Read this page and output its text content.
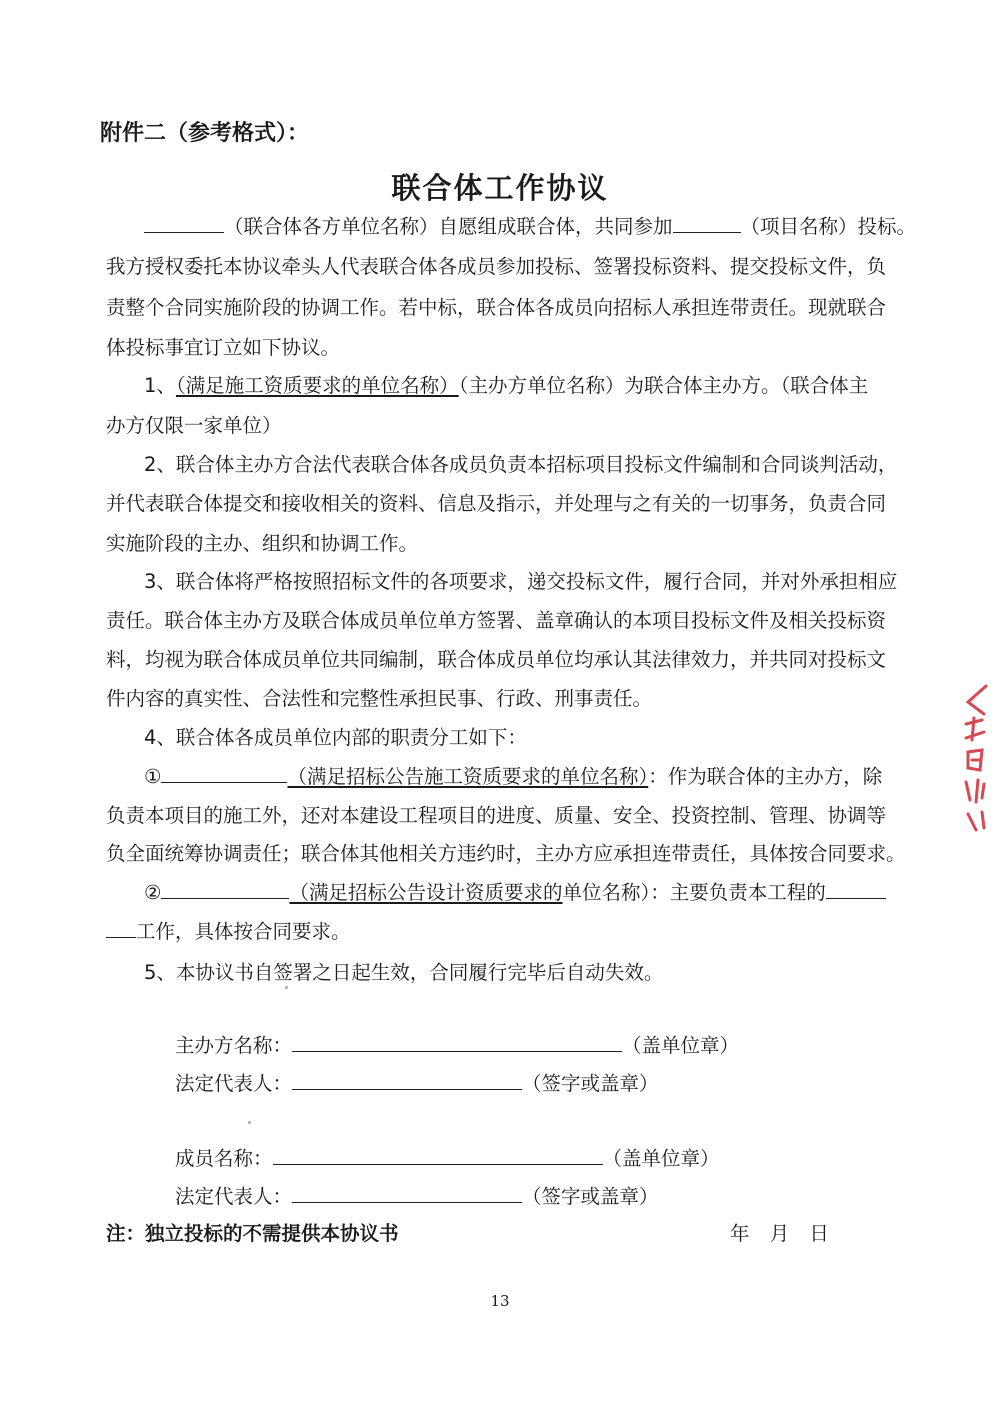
附件二（参考格式）：
联合体工作协议
（联合体各方单位名称）自愿组成联合体，共同参加	（项目名称）投标。
我方授权委托本协议牵头人代表联合体各成员参加投标、签署投标资料、提交投标文件，负
责整个合同实施阶段的协调工作。若中标，联合体各成员向招标人承担连带责任。现就联合
体投标事宜订立如下协议。
1、（满足施工资质要求的单位名称）（主办方单位名称）为联合体主办方。（联合体主
办方仅限一家单位）
2、联合体主办方合法代表联合体各成员负责本招标项目投标文件编制和合同谈判活动，
并代表联合体提交和接收相关的资料、信息及指示，并处理与之有关的一切事务，负责合同
实施阶段的主办、组织和协调工作。
3、联合体将严格按照招标文件的各项要求，递交投标文件，履行合同，并对外承担相应
责任。联合体主办方及联合体成员单位单方签署、盖章确认的本项目投标文件及相关投标资
料，均视为联合体成员单位共同编制，联合体成员单位均承认其法律效力，并共同对投标文
件内容的真实性、合法性和完整性承担民事、行政、刑事责任。
4、联合体各成员单位内部的职责分工如下：
①	（满足招标公告施工资质要求的单位名称）：作为联合体的主办方，除
负责本项目的施工外，还对本建设工程项目的进度、质量、安全、投资控制、管理、协调等
负全面统筹协调责任；联合体其他相关方违约时，主办方应承担连带责任，具体按合同要求。
②	（满足招标公告设计资质要求的单位名称）：主要负责本工程的
工作，具体按合同要求。
5、本协议书自签署之日起生效，合同履行完毕后自动失效。
主办方名称：	（盖单位章）
法定代表人：	（签字或盖章）
成员名称：	（盖单位章）
法定代表人：	（签字或盖章）
注：独立投标的不需提供本协议书	年 月 日
13
